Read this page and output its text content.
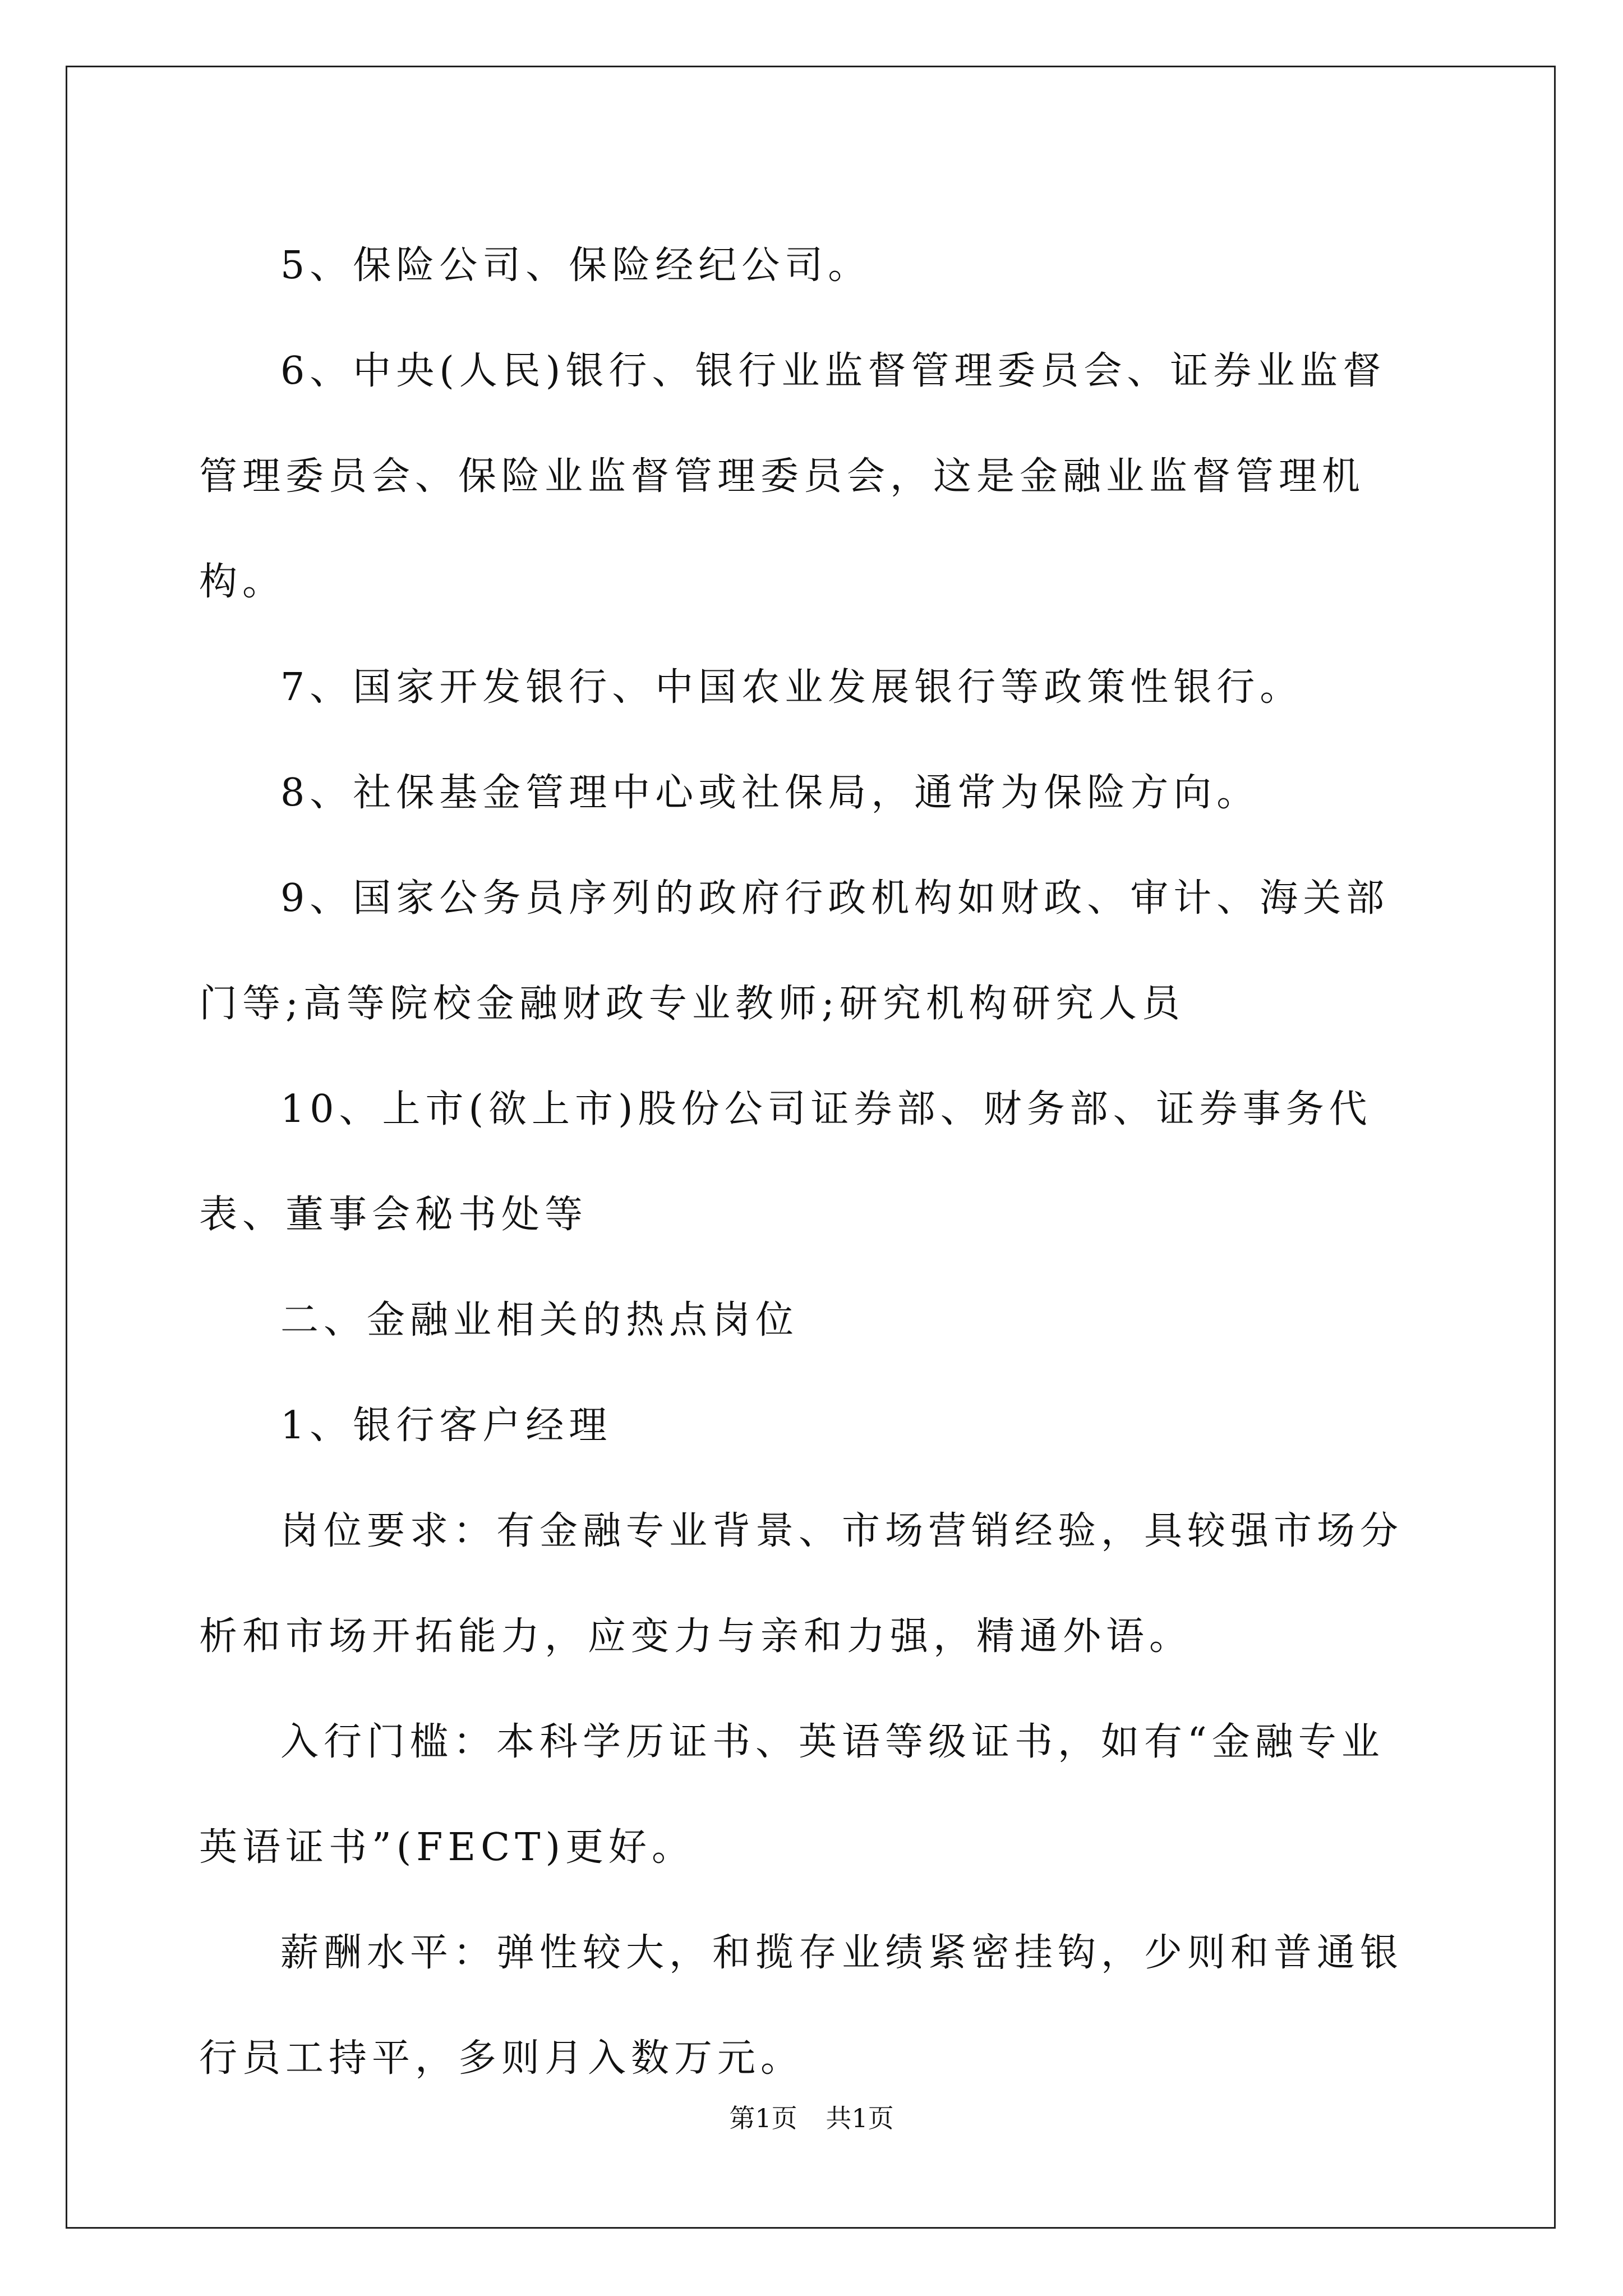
5、保险公司、保险经纪公司。

6、中央(人民)银行、银行业监督管理委员会、证券业监督管理委员会、保险业监督管理委员会，这是金融业监督管理机构。

7、国家开发银行、中国农业发展银行等政策性银行。

8、社保基金管理中心或社保局，通常为保险方向。

9、国家公务员序列的政府行政机构如财政、审计、海关部门等;高等院校金融财政专业教师;研究机构研究人员

10、上市(欲上市)股份公司证券部、财务部、证券事务代表、董事会秘书处等

二、金融业相关的热点岗位

1、银行客户经理

岗位要求：有金融专业背景、市场营销经验，具较强市场分析和市场开拓能力，应变力与亲和力强，精通外语。

入行门槛：本科学历证书、英语等级证书，如有“金融专业英语证书”(FECT)更好。

薪酬水平：弹性较大，和揽存业绩紧密挂钩，少则和普通银行员工持平，多则月入数万元。

第1页 共1页
